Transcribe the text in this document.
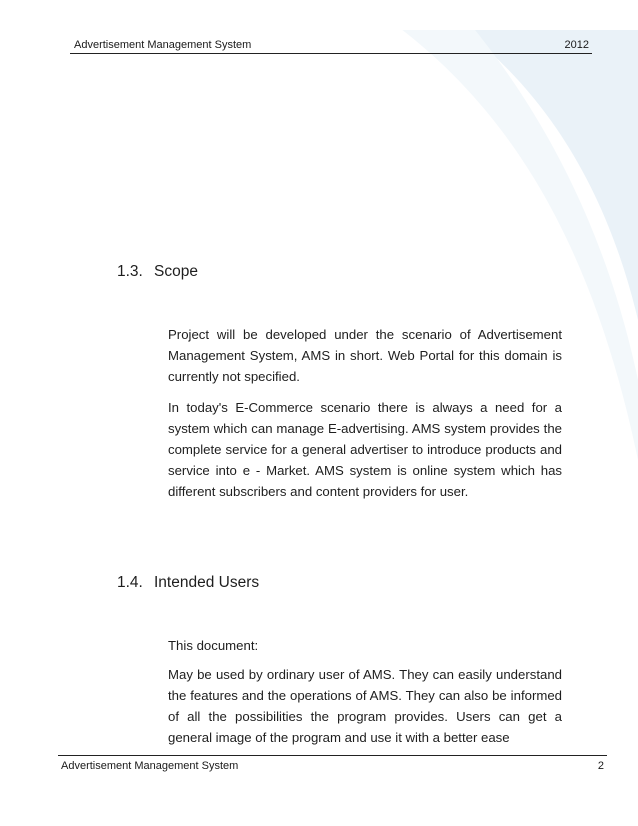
Advertisement Management System	2012
1.3. Scope
Project will be developed under the scenario of Advertisement Management System, AMS in short. Web Portal for this domain is currently not specified.
In today's E-Commerce scenario there is always a need for a system which can manage E-advertising. AMS system provides the complete service for a general advertiser to introduce products and service into e - Market. AMS system is online system which has different subscribers and content providers for user.
1.4. Intended Users
This document:
May be used by ordinary user of AMS. They can easily understand the features and the operations of AMS. They can also be informed of all the possibilities the program provides. Users can get a general image of the program and use it with a better ease
Advertisement Management System	2
